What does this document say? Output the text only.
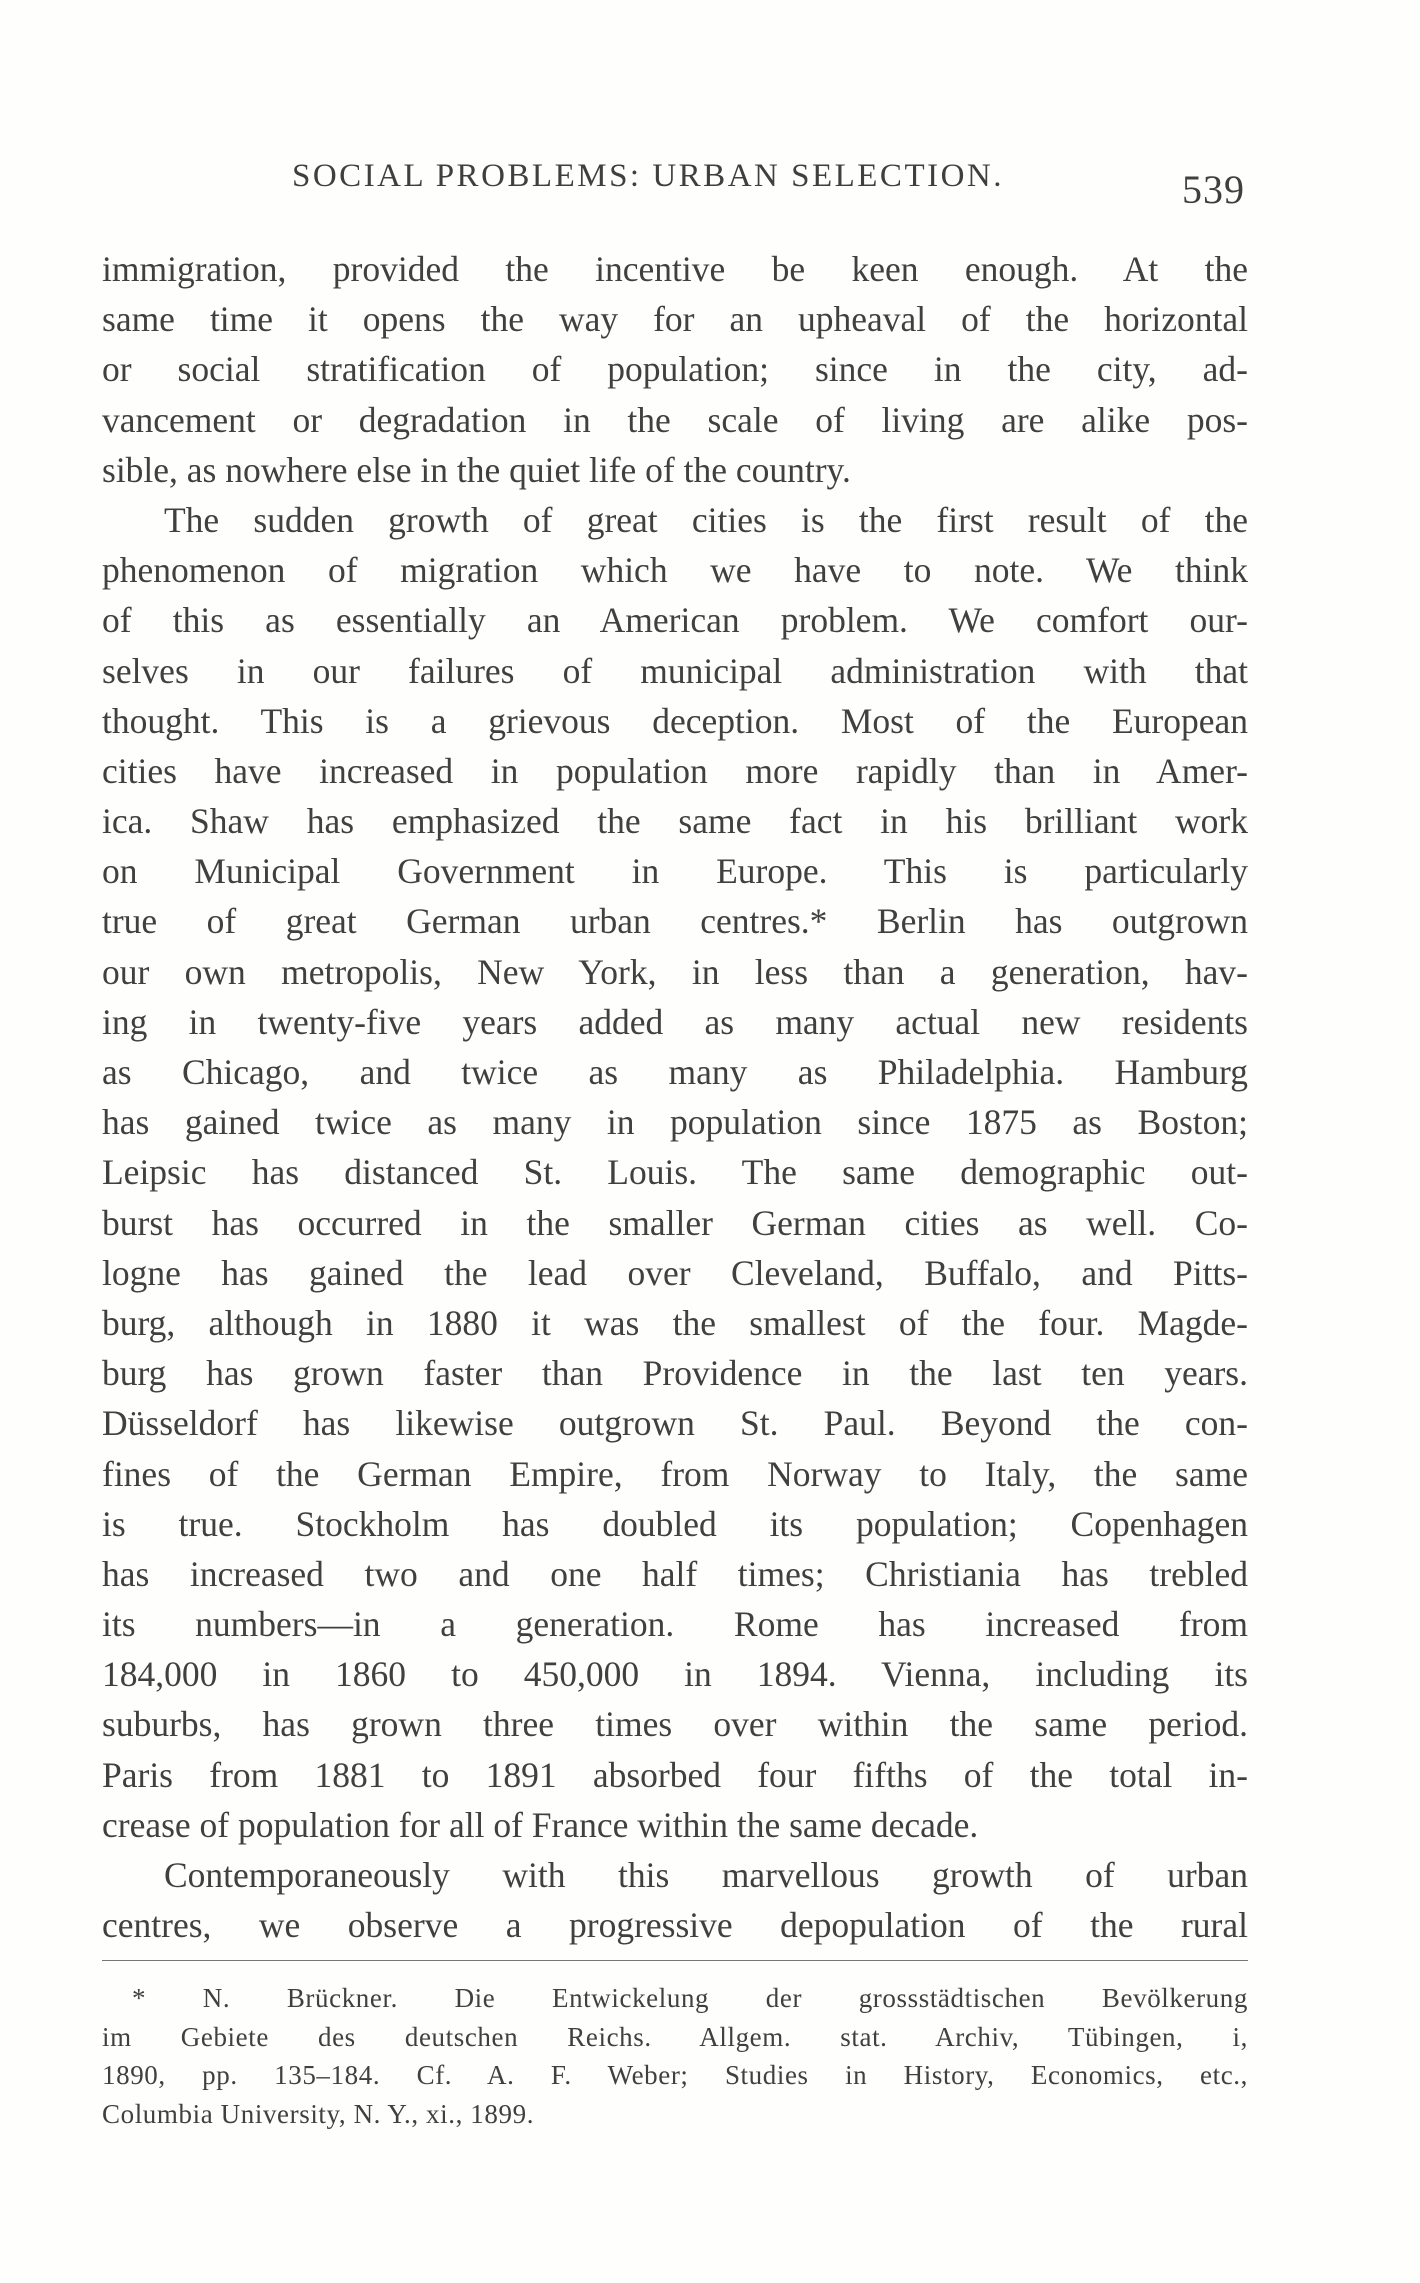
SOCIAL PROBLEMS: URBAN SELECTION.	539
immigration, provided the incentive be keen enough. At the
same time it opens the way for an upheaval of the horizontal
or social stratification of population; since in the city, ad-
vancement or degradation in the scale of living are alike pos-
sible, as nowhere else in the quiet life of the country.
The sudden growth of great cities is the first result of the
phenomenon of migration which we have to note. We think
of this as essentially an American problem. We comfort our-
selves in our failures of municipal administration with that
thought. This is a grievous deception. Most of the European
cities have increased in population more rapidly than in Amer-
ica. Shaw has emphasized the same fact in his brilliant work
on Municipal Government in Europe. This is particularly
true of great German urban centres.* Berlin has outgrown
our own metropolis, New York, in less than a generation, hav-
ing in twenty-five years added as many actual new residents
as Chicago, and twice as many as Philadelphia. Hamburg
has gained twice as many in population since 1875 as Boston;
Leipsic has distanced St. Louis. The same demographic out-
burst has occurred in the smaller German cities as well. Co-
logne has gained the lead over Cleveland, Buffalo, and Pitts-
burg, although in 1880 it was the smallest of the four. Magde-
burg has grown faster than Providence in the last ten years.
Düsseldorf has likewise outgrown St. Paul. Beyond the con-
fines of the German Empire, from Norway to Italy, the same
is true. Stockholm has doubled its population; Copenhagen
has increased two and one half times; Christiania has trebled
its numbers—in a generation. Rome has increased from
184,000 in 1860 to 450,000 in 1894. Vienna, including its
suburbs, has grown three times over within the same period.
Paris from 1881 to 1891 absorbed four fifths of the total in-
crease of population for all of France within the same decade.
Contemporaneously with this marvellous growth of urban
centres, we observe a progressive depopulation of the rural
* N. Brückner. Die Entwickelung der grossstädtischen Bevölkerung
im Gebiete des deutschen Reichs. Allgem. stat. Archiv, Tübingen, i,
1890, pp. 135–184. Cf. A. F. Weber; Studies in History, Economics, etc.,
Columbia University, N. Y., xi., 1899.
